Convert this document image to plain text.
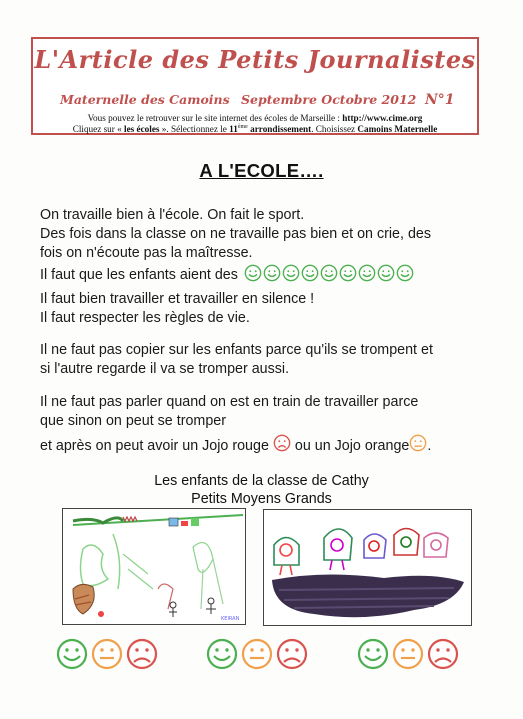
L'Article des Petits Journalistes
Maternelle des Camoins Septembre Octobre 2012 N°1
Vous pouvez le retrouver sur le site internet des écoles de Marseille : http://www.cime.org
Cliquez sur « les écoles ». Sélectionnez le 11ème arrondissement. Choisissez Camoins Maternelle
A L'ECOLE….
On travaille bien à l'école. On fait le sport.
Des fois dans la classe on ne travaille pas bien et on crie, des
fois on n'écoute pas la maîtresse.
Il faut que les enfants aient des
Il faut bien travailler et travailler en silence !
Il faut respecter les règles de vie.
Il ne faut pas copier sur les enfants parce qu'ils se trompent et
si l'autre regarde il va se tromper aussi.
Il ne faut pas parler quand on est en train de travailler parce
que sinon on peut se tromper
et après on peut avoir un Jojo rouge ou un Jojo orange .
Les enfants de la classe de Cathy
Petits Moyens Grands
KEIRAN
